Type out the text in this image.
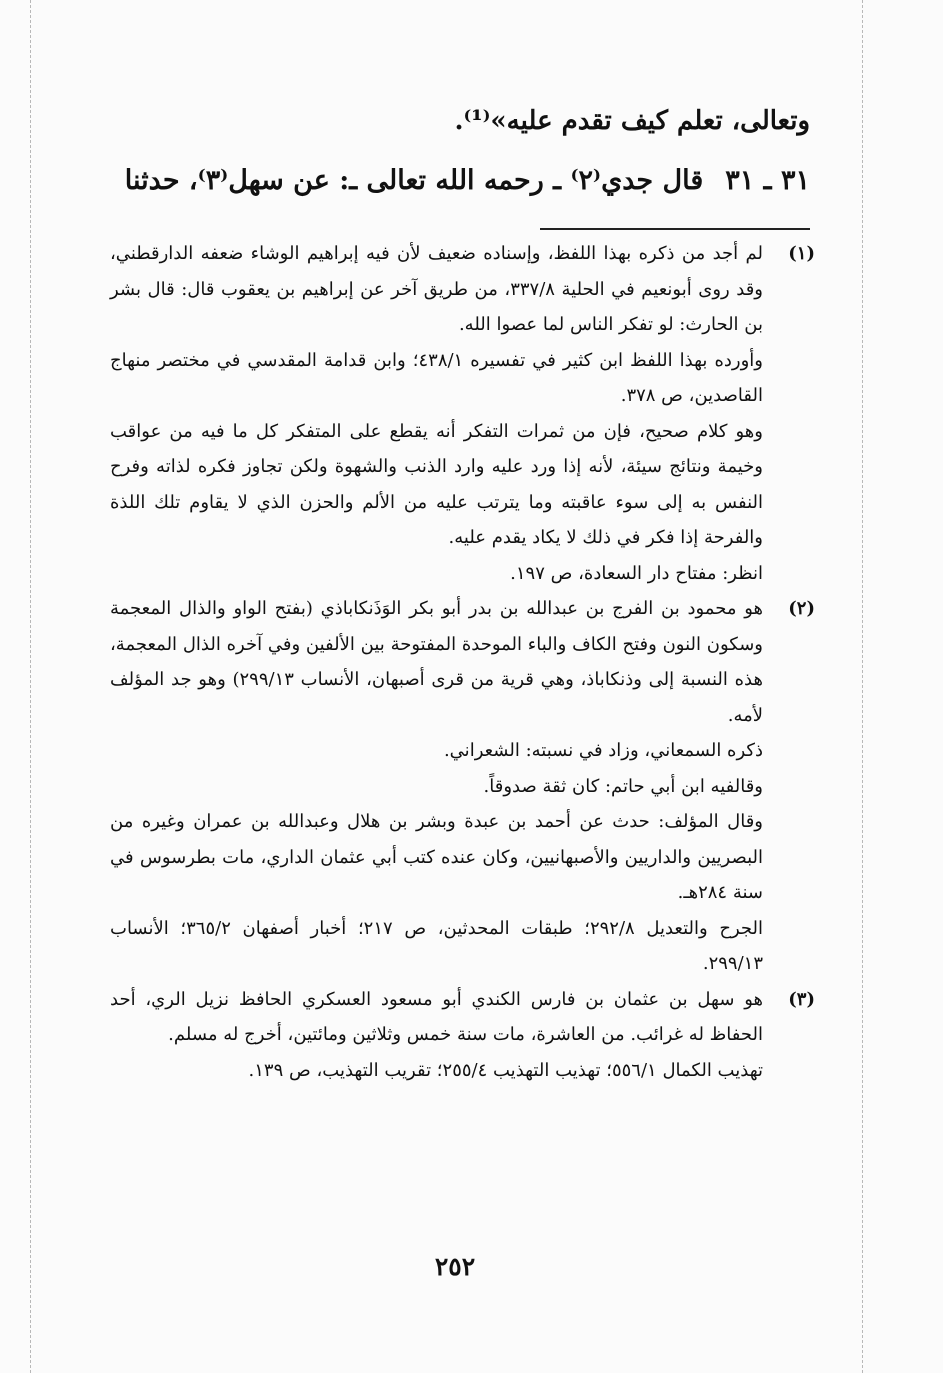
وتعالى، تعلم كيف تقدم عليه»⁽¹⁾.
٣١ ـ ٣١قال جدي⁽٢⁾ ـ رحمه الله تعالى ـ: عن سهل⁽٣⁾، حدثنا
(١)

لم أجد من ذكره بهذا اللفظ، وإسناده ضعيف لأن فيه إبراهيم الوشاء ضعفه الدارقطني، وقد روى أبونعيم في الحلية ٣٣٧/٨، من طريق آخر عن إبراهيم بن يعقوب قال: قال بشر بن الحارث: لو تفكر الناس لما عصوا الله.

وأورده بهذا اللفظ ابن كثير في تفسيره ٤٣٨/١؛ وابن قدامة المقدسي في مختصر منهاج القاصدين، ص ٣٧٨.

وهو كلام صحيح، فإن من ثمرات التفكر أنه يقطع على المتفكر كل ما فيه من عواقب وخيمة ونتائج سيئة، لأنه إذا ورد عليه وارد الذنب والشهوة ولكن تجاوز فكره لذاته وفرح النفس به إلى سوء عاقبته وما يترتب عليه من الألم والحزن الذي لا يقاوم تلك اللذة والفرحة إذا فكر في ذلك لا يكاد يقدم عليه.

انظر: مفتاح دار السعادة، ص ١٩٧.

(٢)

هو محمود بن الفرج بن عبدالله بن بدر أبو بكر الوَذَنكاباذي (بفتح الواو والذال المعجمة وسكون النون وفتح الكاف والباء الموحدة المفتوحة بين الألفين وفي آخره الذال المعجمة، هذه النسبة إلى وذنكاباذ، وهي قرية من قرى أصبهان، الأنساب ٢٩٩/١٣) وهو جد المؤلف لأمه.

ذكره السمعاني، وزاد في نسبته: الشعراني.

وقالفيه ابن أبي حاتم: كان ثقة صدوقاً.

وقال المؤلف: حدث عن أحمد بن عبدة وبشر بن هلال وعبدالله بن عمران وغيره من البصريين والداريين والأصبهانيين، وكان عنده كتب أبي عثمان الداري، مات بطرسوس في سنة ٢٨٤هـ.

الجرح والتعديل ٢٩٢/٨؛ طبقات المحدثين، ص ٢١٧؛ أخبار أصفهان ٣٦٥/٢؛ الأنساب ٢٩٩/١٣.

(٣)

هو سهل بن عثمان بن فارس الكندي أبو مسعود العسكري الحافظ نزيل الري، أحد الحفاظ له غرائب. من العاشرة، مات سنة خمس وثلاثين ومائتين، أخرج له مسلم.

تهذيب الكمال ٥٥٦/١؛ تهذيب التهذيب ٢٥٥/٤؛ تقريب التهذيب، ص ١٣٩.

٢٥٢
